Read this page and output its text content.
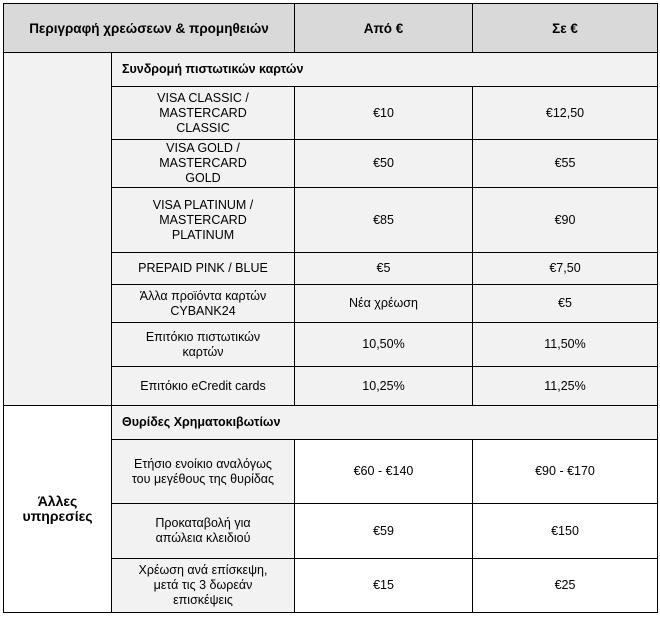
Περιγραφή χρεώσεων & προμηθειών		Από €	Σε €
	Συνδρομή πιστωτικών καρτών		
	VISA CLASSIC / MASTERCARD CLASSIC	€10	€12,50
	VISA GOLD / MASTERCARD GOLD	€50	€55
	VISA PLATINUM / MASTERCARD PLATINUM	€85	€90
	PREPAID PINK / BLUE	€5	€7,50
	Άλλα προϊόντα καρτών CYBANK24	Νέα χρέωση	€5
	Επιτόκιο πιστωτικών καρτών	10,50%	11,50%
	Επιτόκιο eCredit cards	10,25%	11,25%
Άλλες υπηρεσίες	Θυρίδες Χρηματοκιβωτίων		
	Ετήσιο ενοίκιο αναλόγως του μεγέθους της θυρίδας	€60 - €140	€90 - €170
	Προκαταβολή για απώλεια κλειδιού	€59	€150
	Χρέωση ανά επίσκεψη, μετά τις 3 δωρεάν επισκέψεις	€15	€25
